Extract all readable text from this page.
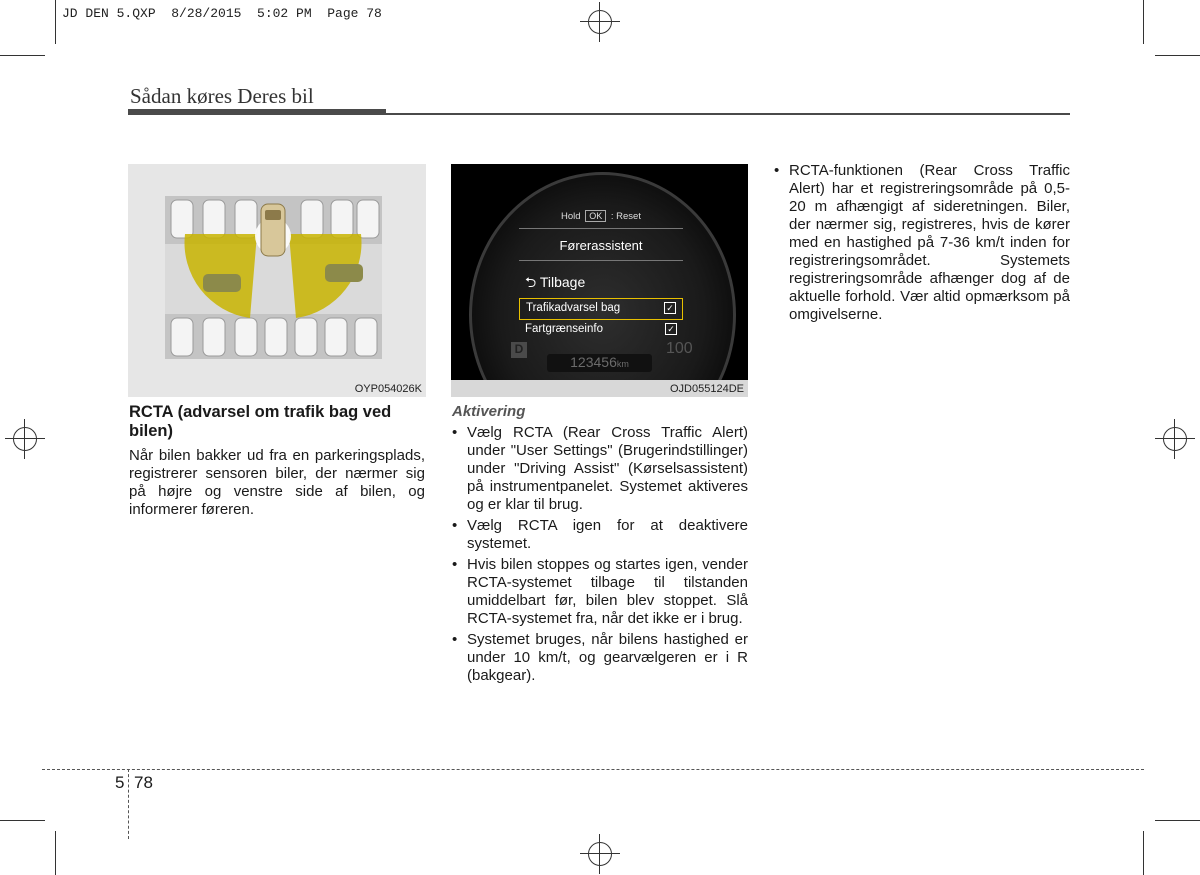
JD DEN 5.QXP  8/28/2015  5:02 PM  Page 78
Sådan køres Deres bil
OYP054026K
Hold OK : Reset
Førerassistent
⮌ Tilbage
Trafikadvarsel bag	✓
Fartgrænseinfo	✓
D
123456km
100
OJD055124DE
RCTA (advarsel om trafik bag ved bilen)
Når bilen bakker ud fra en parkeringsplads, registrerer sensoren biler, der nærmer sig på højre og venstre side af bilen, og informerer føreren.
Aktivering
• Vælg RCTA (Rear Cross Traffic Alert) under "User Settings" (Brugerindstillinger) under "Driving Assist" (Kørselsassistent) på instrumentpanelet. Systemet aktiveres og er klar til brug.
• Vælg RCTA igen for at deaktivere systemet.
• Hvis bilen stoppes og startes igen, vender RCTA-systemet tilbage til tilstanden umiddelbart før, bilen blev stoppet. Slå RCTA-systemet fra, når det ikke er i brug.
• Systemet bruges, når bilens hastighed er under 10 km/t, og gearvælgeren er i R (bakgear).
• RCTA-funktionen (Rear Cross Traffic Alert) har et registreringsområde på 0,5-20 m afhængigt af sideretningen. Biler, der nærmer sig, registreres, hvis de kører med en hastighed på 7-36 km/t inden for registreringsområdet. Systemets registreringsområde afhænger dog af de aktuelle forhold. Vær altid opmærksom på omgivelserne.
5 78
